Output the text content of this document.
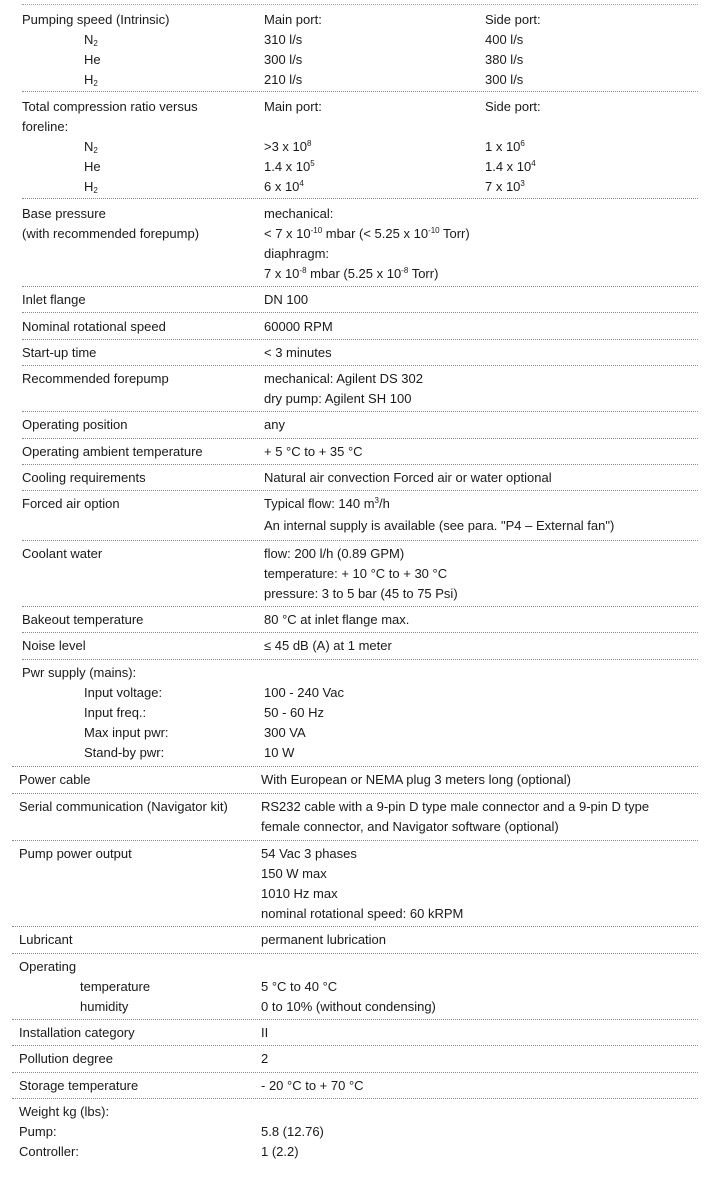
Pumping speed (Intrinsic)	Main port:	Side port:
$N_2$	310 l/s	400 l/s
He	300 l/s	380 l/s
$H_2$	210 l/s	300 l/s
Total compression ratio versus	Main port:	Side port:
foreline:
$N_2$	>3 x $10^8$	1 x $10^6$
He	1.4 x $10^5$	1.4 x $10^4$
$H_2$	6 x $10^4$	7 x $10^3$
Base pressure	mechanical:
(with recommended forepump)	< 7 x $10^{-10}$ mbar (< 5.25 x $10^{-10}$ Torr)
diaphragm:
7 x $10^{-8}$ mbar (5.25 x $10^{-8}$ Torr)
Inlet flange	DN 100
Nominal rotational speed	60000 RPM
Start-up time	< 3 minutes
Recommended forepump	mechanical: Agilent DS 302
dry pump: Agilent SH 100
Operating position	any
Operating ambient temperature	+ 5 °C to + 35 °C
Cooling requirements	Natural air convection Forced air or water optional
Forced air option	Typical flow: 140 $m^3/h$
An internal supply is available (see para. "P4 – External fan")
Coolant water	flow: 200 l/h (0.89 GPM)
temperature: + 10 °C to + 30 °C
pressure: 3 to 5 bar (45 to 75 Psi)
Bakeout temperature	80 °C at inlet flange max.
Noise level	≤ 45 dB (A) at 1 meter
Pwr supply (mains):
Input voltage:	100 - 240 Vac
Input freq.:	50 - 60 Hz
Max input pwr:	300 VA
Stand-by pwr:	10 W
Power cable	With European or NEMA plug 3 meters long (optional)
Serial communication (Navigator kit)	RS232 cable with a 9-pin D type male connector and a 9-pin D type
female connector, and Navigator software (optional)
Pump power output	54 Vac 3 phases
150 W max
1010 Hz max
nominal rotational speed: 60 kRPM
Lubricant	permanent lubrication
Operating
temperature	5 °C to 40 °C
humidity	0 to 10% (without condensing)
Installation category	II
Pollution degree	2
Storage temperature	- 20 °C to + 70 °C
Weight kg (lbs):
Pump:	5.8 (12.76)
Controller:	1 (2.2)
